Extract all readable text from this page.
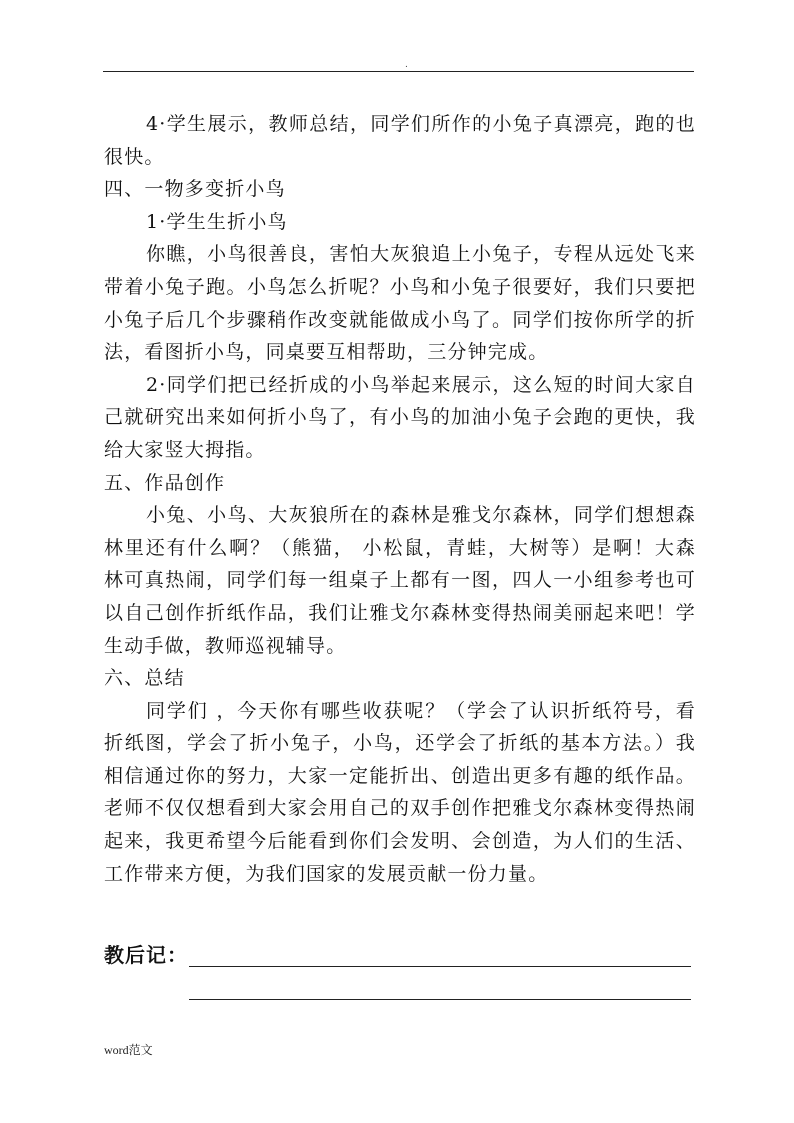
.

4·学生展示，教师总结，同学们所作的小兔子真漂亮，跑的也很快。

四、一物多变折小鸟

1·学生生折小鸟

你瞧，小鸟很善良，害怕大灰狼追上小兔子，专程从远处飞来带着小兔子跑。小鸟怎么折呢？小鸟和小兔子很要好，我们只要把小兔子后几个步骤稍作改变就能做成小鸟了。同学们按你所学的折法，看图折小鸟，同桌要互相帮助，三分钟完成。

2·同学们把已经折成的小鸟举起来展示，这么短的时间大家自己就研究出来如何折小鸟了，有小鸟的加油小兔子会跑的更快，我给大家竖大拇指。

五、作品创作

小兔、小鸟、大灰狼所在的森林是雅戈尔森林，同学们想想森林里还有什么啊？（熊猫， 小松鼠，青蛙，大树等）是啊！大森林可真热闹，同学们每一组桌子上都有一图，四人一小组参考也可以自己创作折纸作品，我们让雅戈尔森林变得热闹美丽起来吧！学生动手做，教师巡视辅导。

六、总结

同学们 ，今天你有哪些收获呢？（学会了认识折纸符号，看折纸图，学会了折小兔子，小鸟，还学会了折纸的基本方法。）我相信通过你的努力，大家一定能折出、创造出更多有趣的纸作品。老师不仅仅想看到大家会用自己的双手创作把雅戈尔森林变得热闹起来，我更希望今后能看到你们会发明、会创造，为人们的生活、工作带来方便，为我们国家的发展贡献一份力量。

教后记：
word范文
